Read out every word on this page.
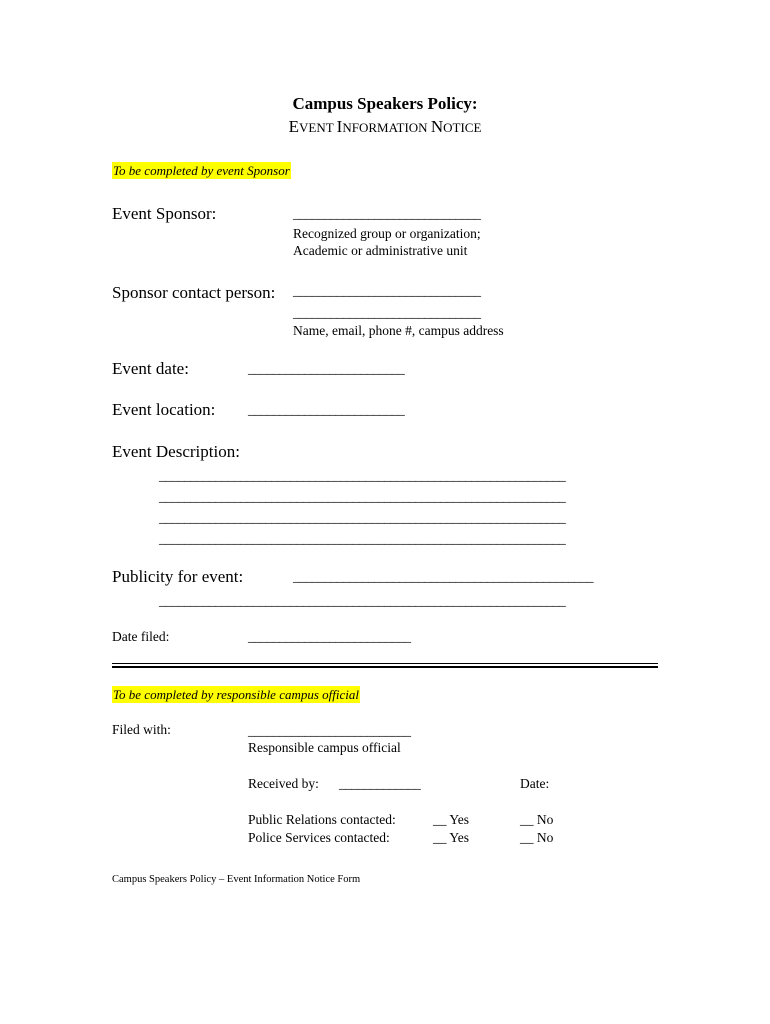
Campus Speakers Policy:
EVENT INFORMATION NOTICE
To be completed by event Sponsor
Event Sponsor:	______________________________
Recognized group or organization;
Academic or administrative unit
Sponsor contact person: ______________________________
______________________________
Name, email, phone #, campus address
Event date:	_________________________
Event location: _________________________
Event Description:
_________________________________________________________________
_________________________________________________________________
_________________________________________________________________
_________________________________________________________________
Publicity for event:	________________________________________________
_________________________________________________________________
Date filed:	__________________________
To be completed by responsible campus official
Filed with:	__________________________
Responsible campus official
Received by: _____________	Date:
Public Relations contacted:	__ Yes	__ No
Police Services contacted:	__ Yes	__ No
Campus Speakers Policy – Event Information Notice Form
